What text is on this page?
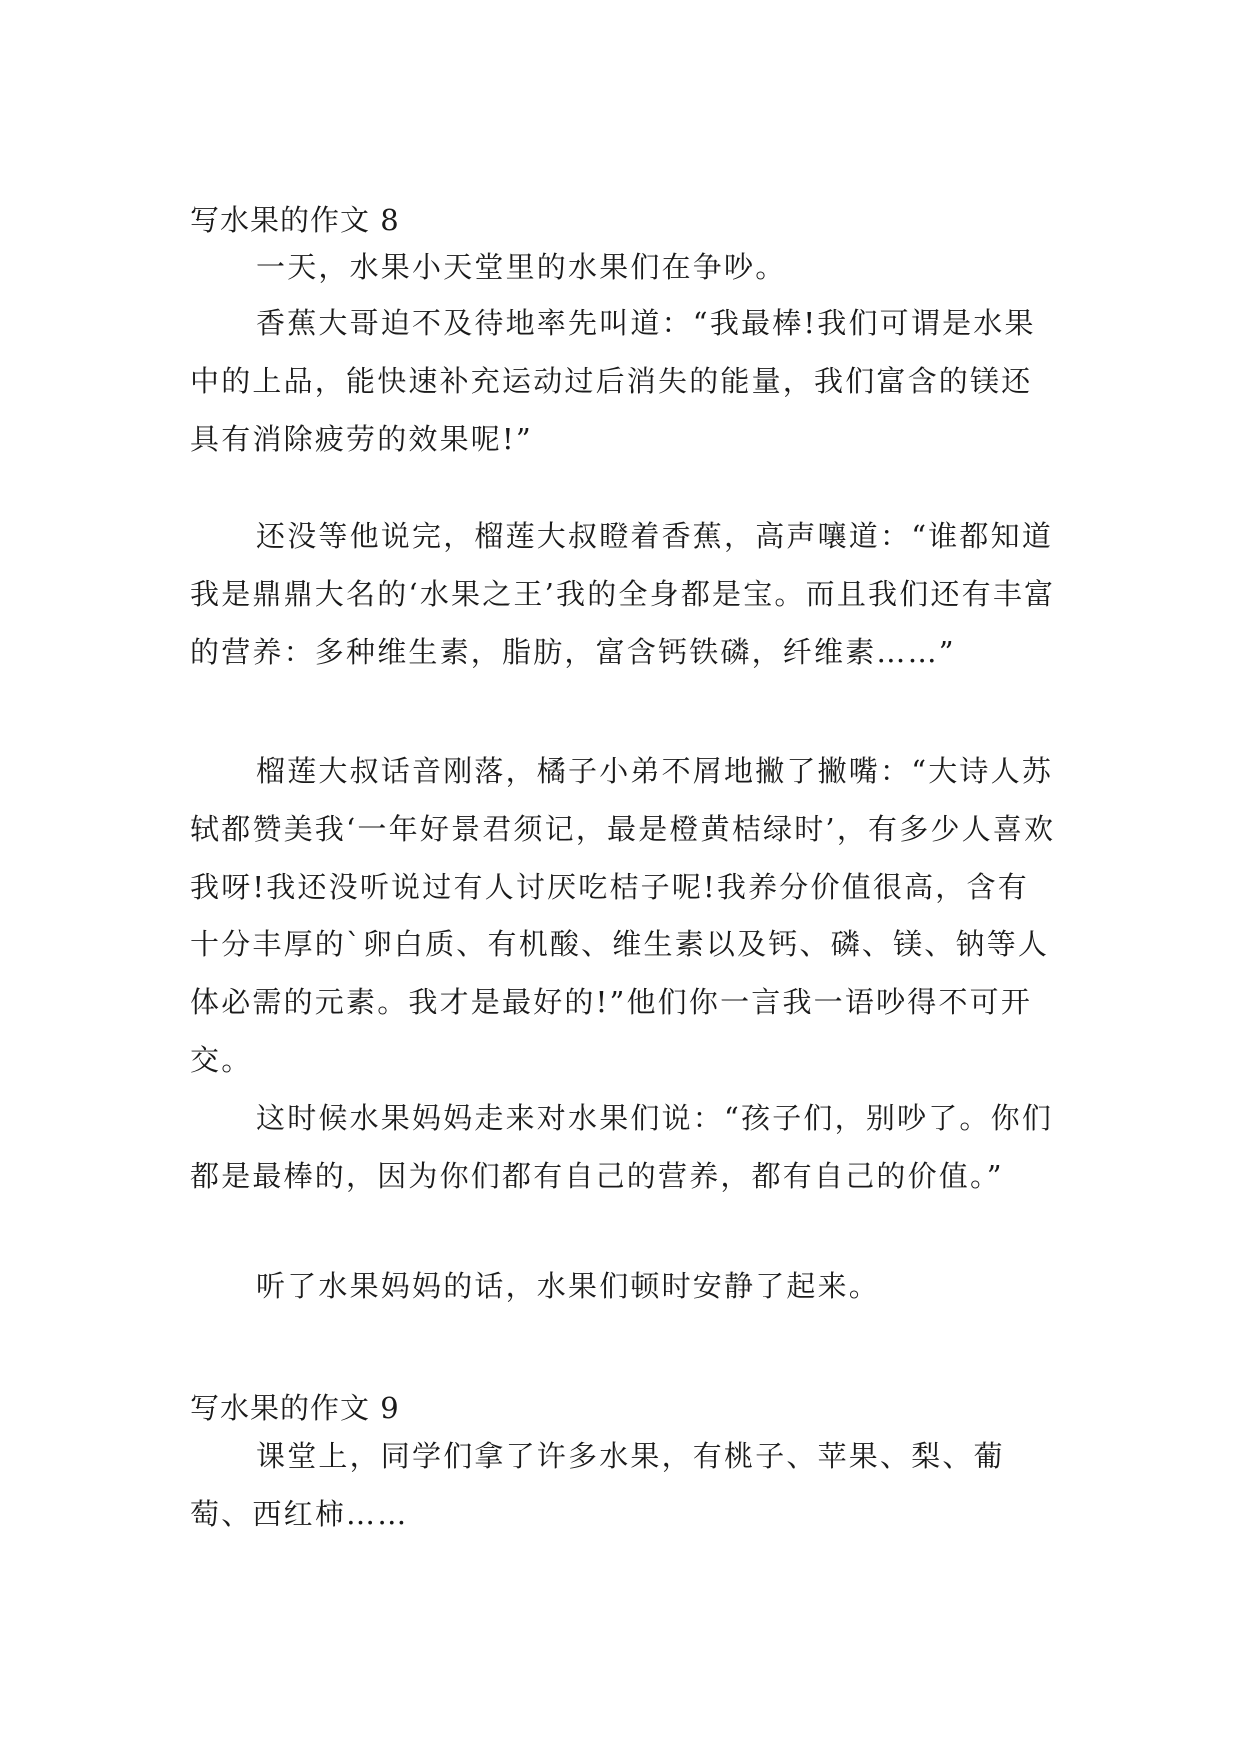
写水果的作文 8

一天，水果小天堂里的水果们在争吵。

香蕉大哥迫不及待地率先叫道：“我最棒!我们可谓是水果中的上品，能快速补充运动过后消失的能量，我们富含的镁还具有消除疲劳的效果呢!”

还没等他说完，榴莲大叔瞪着香蕉，高声嚷道：“谁都知道我是鼎鼎大名的‘水果之王’我的全身都是宝。而且我们还有丰富的营养：多种维生素，脂肪，富含钙铁磷，纤维素……”

榴莲大叔话音刚落，橘子小弟不屑地撇了撇嘴：“大诗人苏轼都赞美我‘一年好景君须记，最是橙黄桔绿时’，有多少人喜欢我呀!我还没听说过有人讨厌吃桔子呢!我养分价值很高，含有十分丰厚的`卵白质、有机酸、维生素以及钙、磷、镁、钠等人体必需的元素。我才是最好的!”他们你一言我一语吵得不可开交。

这时候水果妈妈走来对水果们说：“孩子们，别吵了。你们都是最棒的，因为你们都有自己的营养，都有自己的价值。”

听了水果妈妈的话，水果们顿时安静了起来。

写水果的作文 9

课堂上，同学们拿了许多水果，有桃子、苹果、梨、葡萄、西红柿……
